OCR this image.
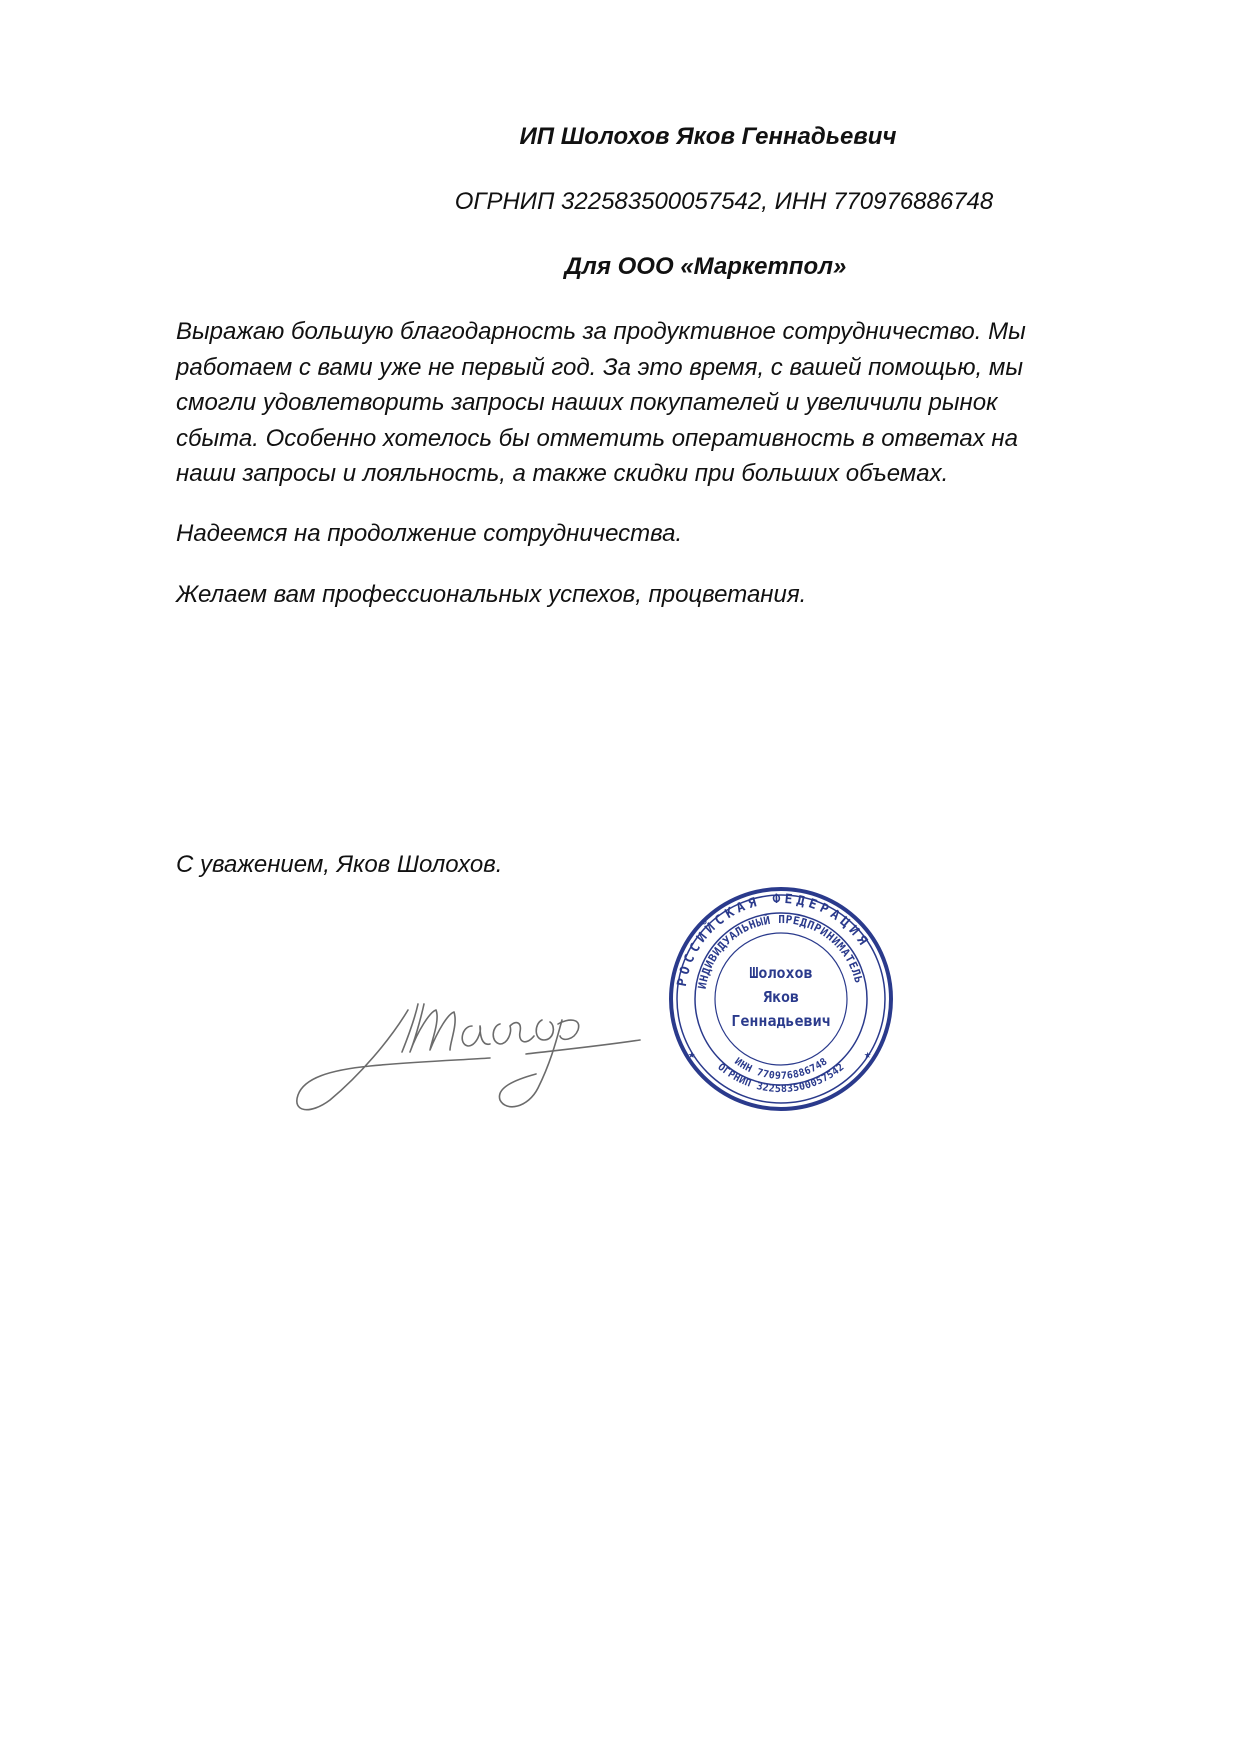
ИП Шолохов Яков Геннадьевич
ОГРНИП 322583500057542, ИНН 770976886748
Для ООО «Маркетпол»
Выражаю большую благодарность за продуктивное сотрудничество. Мы
работаем с вами уже не первый год. За это время, с вашей помощью, мы
смогли удовлетворить запросы наших покупателей и увеличили рынок
сбыта. Особенно хотелось бы отметить оперативность в ответах на
наши запросы и лояльность, а также скидки при больших объемах.
Надеемся на продолжение сотрудничества.
Желаем вам профессиональных успехов, процветания.
С уважением, Яков Шолохов.
РОССИЙСКАЯ ФЕДЕРАЦИЯ
ИНДИВИДУАЛЬНЫЙ ПРЕДПРИНИМАТЕЛЬ
ИНН 770976886748
ОГРНИП 322583500057542
Шолохов
Яков
Геннадьевич
★	★
